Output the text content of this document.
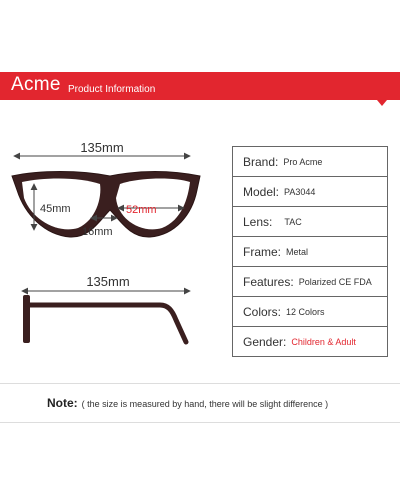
Acme Product Information
135mm
45mm	52mm
16mm
135mm
Brand: Pro Acme
Model: PA3044
Lens: TAC
Frame: Metal
Features: Polarized CE FDA
Colors: 12 Colors
Gender: Children & Adult
Note: ( the size is measured by hand, there will be slight difference )
